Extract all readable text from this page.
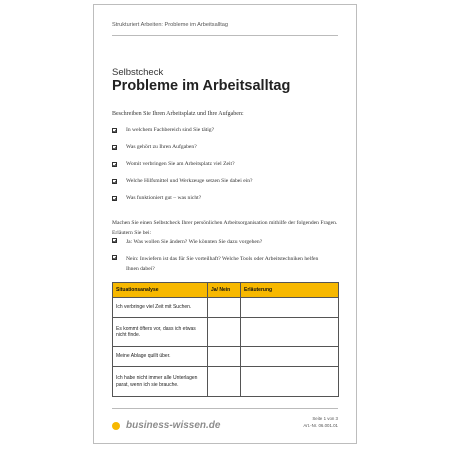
Strukturiert Arbeiten: Probleme im Arbeitsalltag
Selbstcheck
Probleme im Arbeitsalltag
Beschreiben Sie Ihren Arbeitsplatz und Ihre Aufgaben:
In welchem Fachbereich sind Sie tätig?
Was gehört zu Ihren Aufgaben?
Womit verbringen Sie am Arbeitsplatz viel Zeit?
Welche Hilfsmittel und Werkzeuge setzen Sie dabei ein?
Was funktioniert gut – was nicht?
Machen Sie einen Selbstcheck Ihrer persönlichen Arbeitsorganisation mithilfe der folgenden Fragen. Erläutern Sie bei:
Ja: Was wollen Sie ändern? Wie könnten Sie dazu vorgehen?
Nein: Inwiefern ist das für Sie vorteilhaft? Welche Tools oder Arbeitstechniken helfen Ihnen dabei?
Situationsanalyse	Ja/ Nein	Erläuterung
Ich verbringe viel Zeit mit Suchen.		
Es kommt öfters vor, dass ich etwas nicht finde.		
Meine Ablage quillt über.		
Ich habe nicht immer alle Unterlagen parat, wenn ich sie brauche.		
business-wissen.de
Seite 1 von 3
Art.-Nr. 06.001.01
